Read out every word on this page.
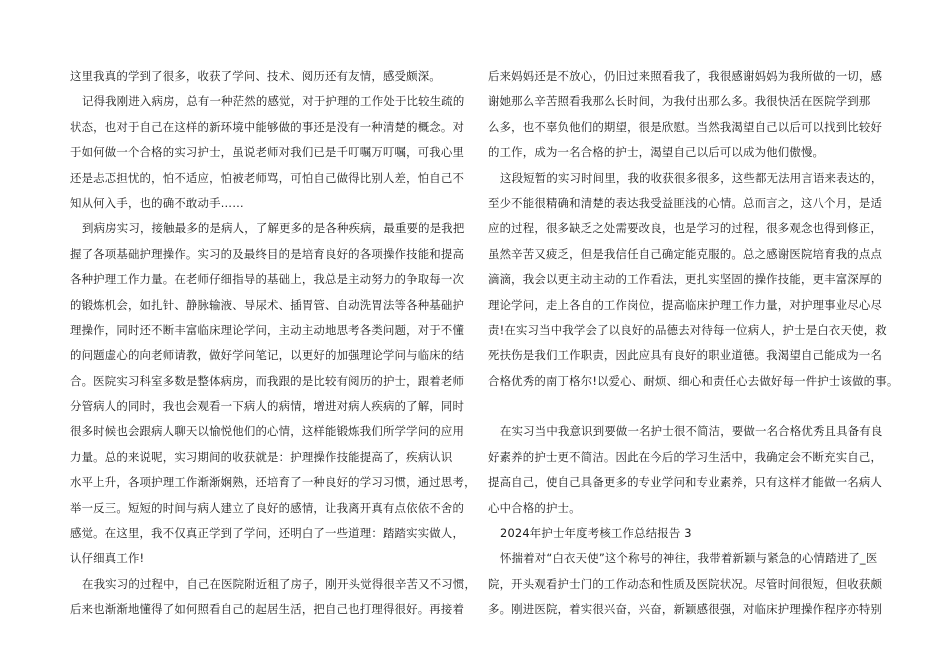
这里我真的学到了很多，收获了学问、技术、阅历还有友情，感受颇深。
记得我刚进入病房，总有一种茫然的感觉，对于护理的工作处于比较生疏的
状态，也对于自己在这样的新环境中能够做的事还是没有一种清楚的概念。对
于如何做一个合格的实习护士，虽说老师对我们已是千叮嘱万叮嘱，可我心里
还是忐忑担忧的，怕不适应，怕被老师骂，可怕自己做得比别人差，怕自己不
知从何入手，也的确不敢动手……
到病房实习，接触最多的是病人，了解更多的是各种疾病，最重要的是我把
握了各项基础护理操作。实习的及最终目的是培育良好的各项操作技能和提高
各种护理工作力量。在老师仔细指导的基础上，我总是主动努力的争取每一次
的锻炼机会，如扎针、静脉输液、导尿术、插胃管、自动洗胃法等各种基础护
理操作，同时还不断丰富临床理论学问，主动主动地思考各类问题，对于不懂
的问题虚心的向老师请教，做好学问笔记，以更好的加强理论学问与临床的结
合。医院实习科室多数是整体病房，而我跟的是比较有阅历的护士，跟着老师
分管病人的同时，我也会观看一下病人的病情，增进对病人疾病的了解，同时
很多时候也会跟病人聊天以愉悦他们的心情，这样能锻炼我们所学学问的应用
力量。总的来说呢，实习期间的收获就是：护理操作技能提高了，疾病认识
水平上升，各项护理工作渐渐娴熟，还培育了一种良好的学习习惯，通过思考，
举一反三。短短的时间与病人建立了良好的感情，让我离开真有点依依不舍的
感觉。在这里，我不仅真正学到了学问，还明白了一些道理：踏踏实实做人，
认仔细真工作!
在我实习的过程中，自己在医院附近租了房子，刚开头觉得很辛苦又不习惯，
后来也渐渐地懂得了如何照看自己的起居生活，把自己也打理得很好。再接着
后来妈妈还是不放心，仍旧过来照看我了，我很感谢妈妈为我所做的一切，感
谢她那么辛苦照看我那么长时间，为我付出那么多。我很快活在医院学到那
么多，也不辜负他们的期望，很是欣慰。当然我渴望自己以后可以找到比较好
的工作，成为一名合格的护士，渴望自己以后可以成为他们傲慢。
这段短暂的实习时间里，我的收获很多很多，这些都无法用言语来表达的，
至少不能很精确和清楚的表达我受益匪浅的心情。总而言之，这八个月，是适
应的过程，很多缺乏之处需要改良，也是学习的过程，很多观念也得到修正，
虽然辛苦又疲乏，但是我信任自己确定能克服的。总之感谢医院培育我的点点
滴滴，我会以更主动主动的工作看法，更扎实坚固的操作技能，更丰富深厚的
理论学问，走上各自的工作岗位，提高临床护理工作力量，对护理事业尽心尽
责!在实习当中我学会了以良好的品德去对待每一位病人，护士是白衣天使，救
死扶伤是我们工作职责，因此应具有良好的职业道德。我渴望自己能成为一名
合格优秀的南丁格尔!以爱心、耐烦、细心和责任心去做好每一件护士该做的事。
在实习当中我意识到要做一名护士很不简洁，要做一名合格优秀且具备有良
好素养的护士更不简洁。因此在今后的学习生活中，我确定会不断充实自己，
提高自己，使自己具备更多的专业学问和专业素养，只有这样才能做一名病人
心中合格的护士。
2024年护士年度考核工作总结报告 3
怀揣着对“白衣天使”这个称号的神往，我带着新颖与紧急的心情踏进了_医
院，开头观看护士门的工作动态和性质及医院状况。尽管时间很短，但收获颇
多。刚进医院，着实很兴奋，兴奋，新颖感很强，对临床护理操作程序亦特别
